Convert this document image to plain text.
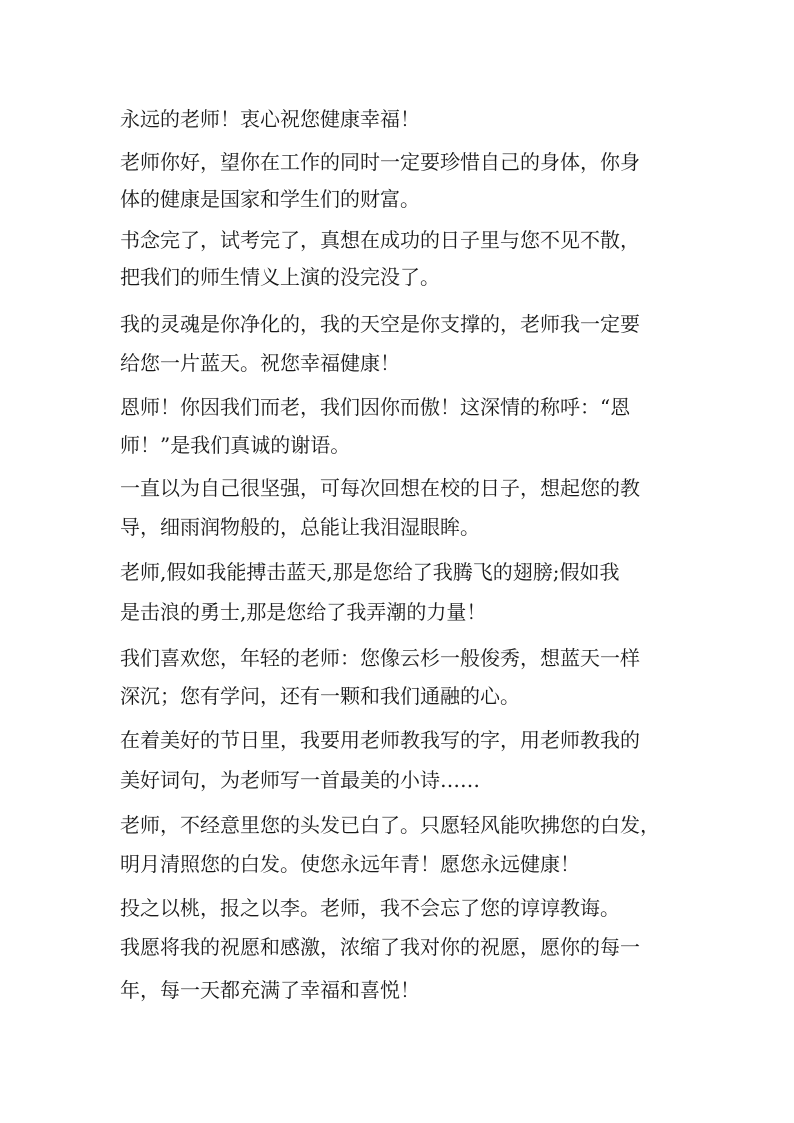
永远的老师！衷心祝您健康幸福！
老师你好，望你在工作的同时一定要珍惜自己的身体，你身
体的健康是国家和学生们的财富。
书念完了，试考完了，真想在成功的日子里与您不见不散，
把我们的师生情义上演的没完没了。
我的灵魂是你净化的，我的天空是你支撑的，老师我一定要
给您一片蓝天。祝您幸福健康！
恩师！你因我们而老，我们因你而傲！这深情的称呼：“恩
师！”是我们真诚的谢语。
一直以为自己很坚强，可每次回想在校的日子，想起您的教
导，细雨润物般的，总能让我泪湿眼眸。
老师,假如我能搏击蓝天,那是您给了我腾飞的翅膀;假如我
是击浪的勇士,那是您给了我弄潮的力量！
我们喜欢您，年轻的老师：您像云杉一般俊秀，想蓝天一样
深沉；您有学问，还有一颗和我们通融的心。
在着美好的节日里，我要用老师教我写的字，用老师教我的
美好词句，为老师写一首最美的小诗……
老师，不经意里您的头发已白了。只愿轻风能吹拂您的白发，
明月清照您的白发。使您永远年青！愿您永远健康！
投之以桃，报之以李。老师，我不会忘了您的谆谆教诲。
我愿将我的祝愿和感激，浓缩了我对你的祝愿，愿你的每一
年，每一天都充满了幸福和喜悦！
